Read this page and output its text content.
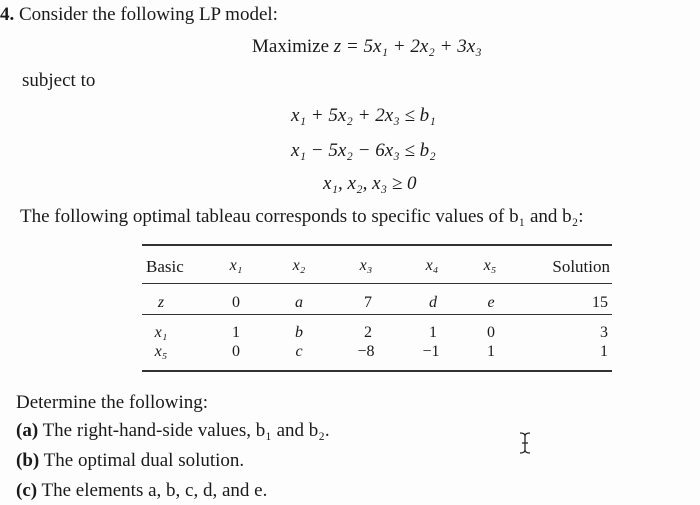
4. Consider the following LP model:
Maximize z = 5x₁ + 2x₂ + 3x₃
subject to
x₁ + 5x₂ + 2x₃ ≤ b₁
x₁ − 5x₂ − 6x₃ ≤ b₂
x₁, x₂, x₃ ≥ 0
The following optimal tableau corresponds to specific values of b₁ and b₂:
Basic	x₁	x₂	x₃	x₄	x₅	Solution
z	0	a	7	d	e	15
x₁	1	b	2	1	0	3
x₅	0	c	−8	−1	1	1
Determine the following:
(a) The right-hand-side values, b₁ and b₂.
(b) The optimal dual solution.
(c) The elements a, b, c, d, and e.
